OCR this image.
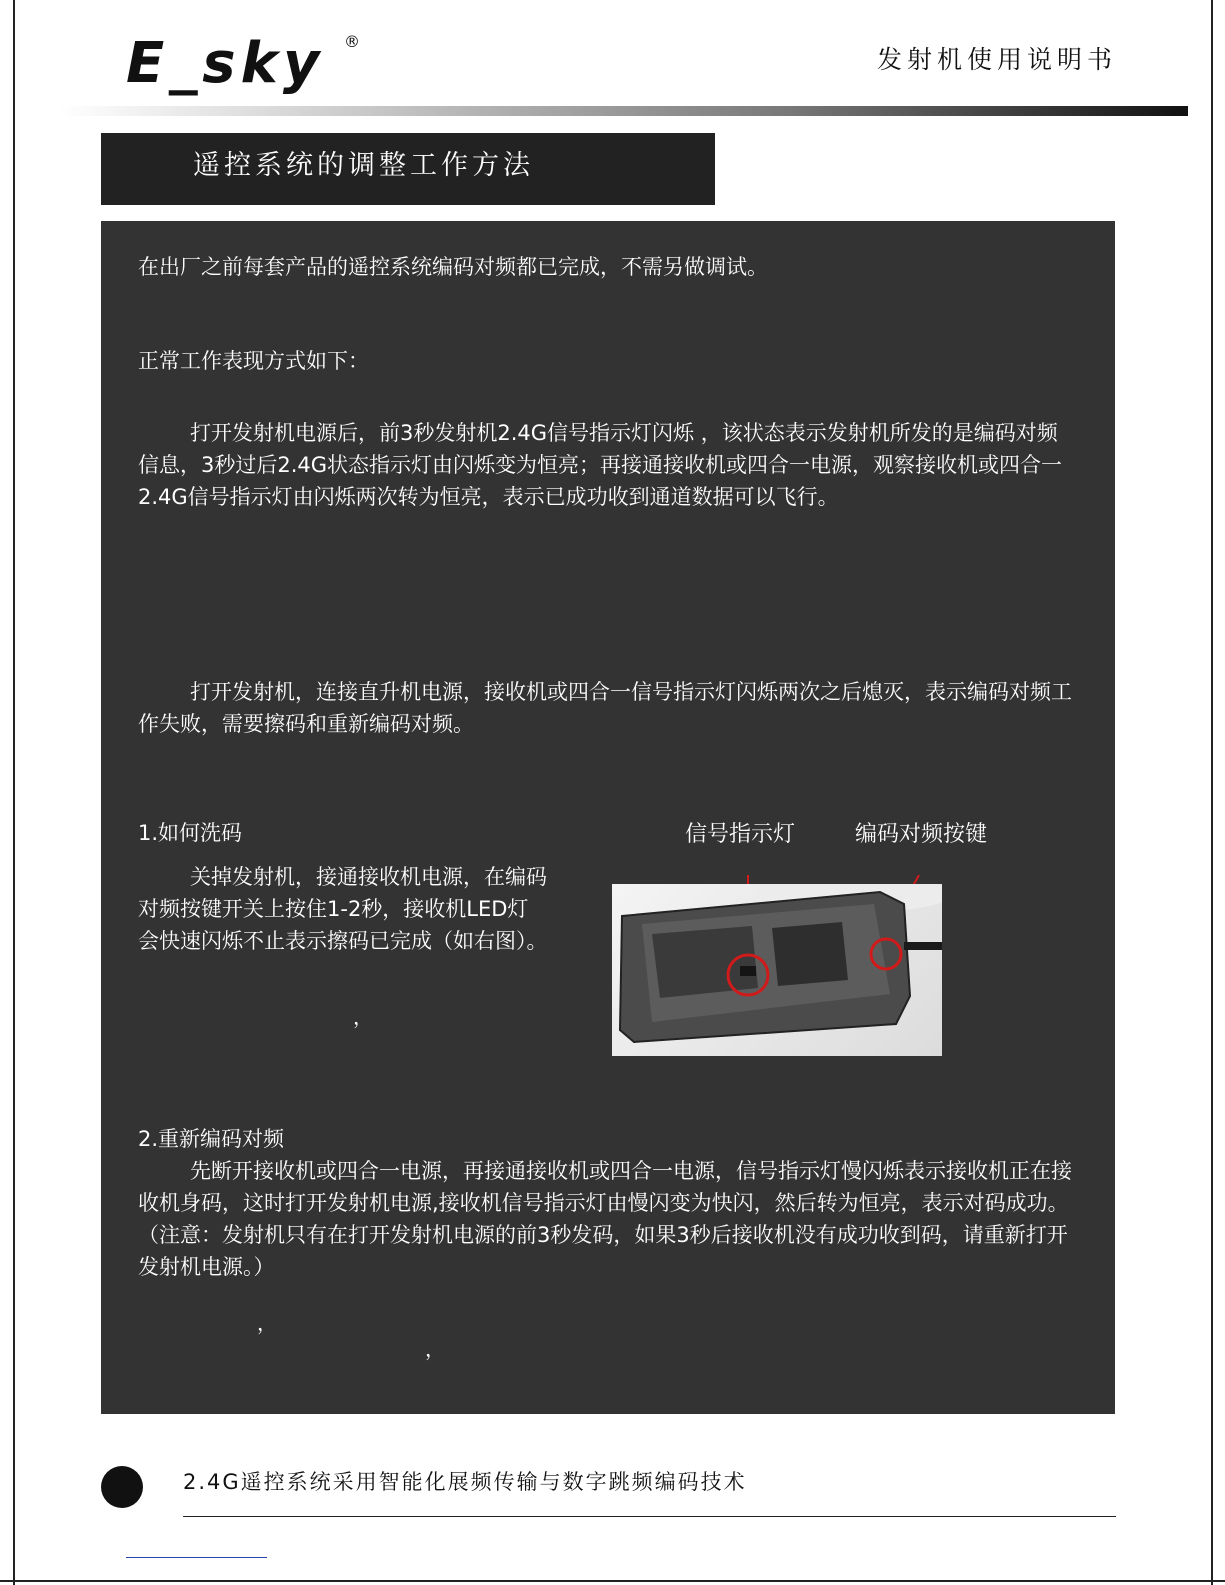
E_sky ®
发射机使用说明书
遥控系统的调整工作方法
在出厂之前每套产品的遥控系统编码对频都已完成，不需另做调试。
正常工作表现方式如下：
打开发射机电源后，前3秒发射机2.4G信号指示灯闪烁 ，该状态表示发射机所发的是编码对频信息，3秒过后2.4G状态指示灯由闪烁变为恒亮；再接通接收机或四合一电源，观察接收机或四合一2.4G信号指示灯由闪烁两次转为恒亮，表示已成功收到通道数据可以飞行。
打开发射机，连接直升机电源，接收机或四合一信号指示灯闪烁两次之后熄灭，表示编码对频工作失败，需要擦码和重新编码对频。
1.如何洗码	信号指示灯	编码对频按键
关掉发射机，接通接收机电源，在编码对频按键开关上按住1-2秒，接收机LED灯会快速闪烁不止表示擦码已完成（如右图）。
，
2.重新编码对频
先断开接收机或四合一电源，再接通接收机或四合一电源，信号指示灯慢闪烁表示接收机正在接收机身码，这时打开发射机电源,接收机信号指示灯由慢闪变为快闪，然后转为恒亮，表示对码成功。（注意：发射机只有在打开发射机电源的前3秒发码，如果3秒后接收机没有成功收到码，请重新打开发射机电源。）
，
，
2.4G遥控系统采用智能化展频传输与数字跳频编码技术
